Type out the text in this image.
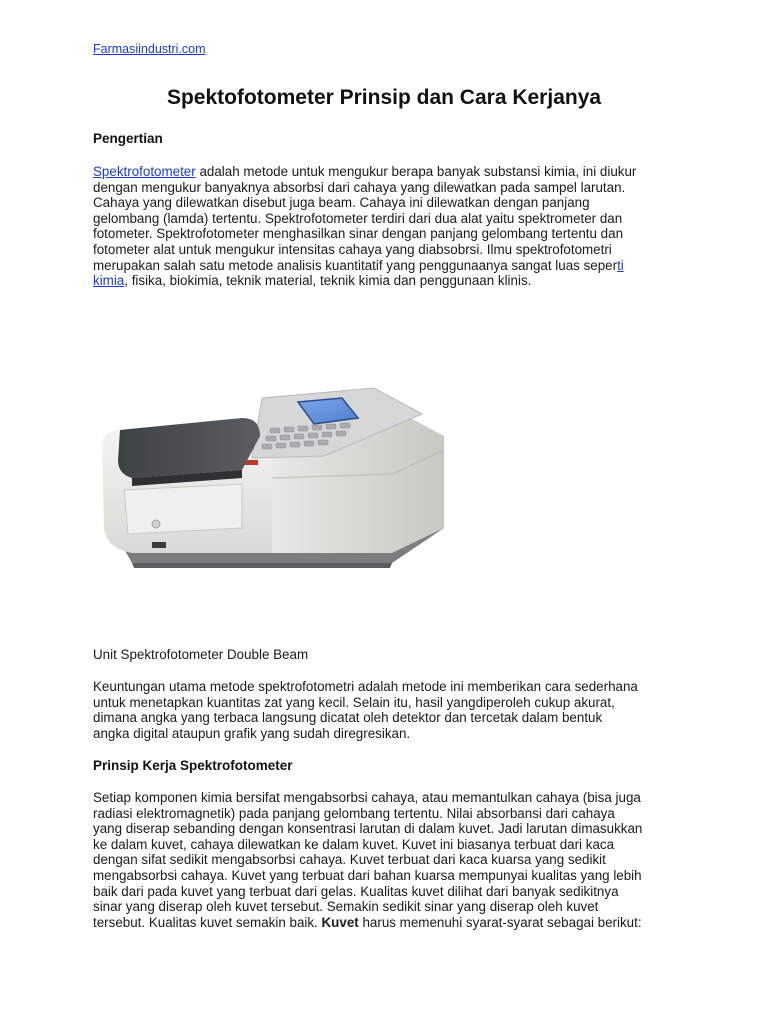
Farmasiindustri.com
Spektofotometer Prinsip dan Cara Kerjanya
Pengertian
Spektrofotometer adalah metode untuk mengukur berapa banyak substansi kimia, ini diukur
dengan mengukur banyaknya absorbsi dari cahaya yang dilewatkan pada sampel larutan.
Cahaya yang dilewatkan disebut juga beam. Cahaya ini dilewatkan dengan panjang
gelombang (lamda) tertentu. Spektrofotometer terdiri dari dua alat yaitu spektrometer dan
fotometer. Spektrofotometer menghasilkan sinar dengan panjang gelombang tertentu dan
fotometer alat untuk mengukur intensitas cahaya yang diabsobrsi. Ilmu spektrofotometri
merupakan salah satu metode analisis kuantitatif yang penggunaanya sangat luas seperti
kimia, fisika, biokimia, teknik material, teknik kimia dan penggunaan klinis.

Unit Spektrofotometer Double Beam

Keuntungan utama metode spektrofotometri adalah metode ini memberikan cara sederhana
untuk menetapkan kuantitas zat yang kecil. Selain itu, hasil yangdiperoleh cukup akurat,
dimana angka yang terbaca langsung dicatat oleh detektor dan tercetak dalam bentuk
angka digital ataupun grafik yang sudah diregresikan.
Prinsip Kerja Spektrofotometer
Setiap komponen kimia bersifat mengabsorbsi cahaya, atau memantulkan cahaya (bisa juga
radiasi elektromagnetik) pada panjang gelombang tertentu. Nilai absorbansi dari cahaya
yang diserap sebanding dengan konsentrasi larutan di dalam kuvet. Jadi larutan dimasukkan
ke dalam kuvet, cahaya dilewatkan ke dalam kuvet. Kuvet ini biasanya terbuat dari kaca
dengan sifat sedikit mengabsorbsi cahaya. Kuvet terbuat dari kaca kuarsa yang sedikit
mengabsorbsi cahaya. Kuvet yang terbuat dari bahan kuarsa mempunyai kualitas yang lebih
baik dari pada kuvet yang terbuat dari gelas. Kualitas kuvet dilihat dari banyak sedikitnya
sinar yang diserap oleh kuvet tersebut. Semakin sedikit sinar yang diserap oleh kuvet
tersebut. Kualitas kuvet semakin baik. Kuvet harus memenuhi syarat-syarat sebagai berikut:
